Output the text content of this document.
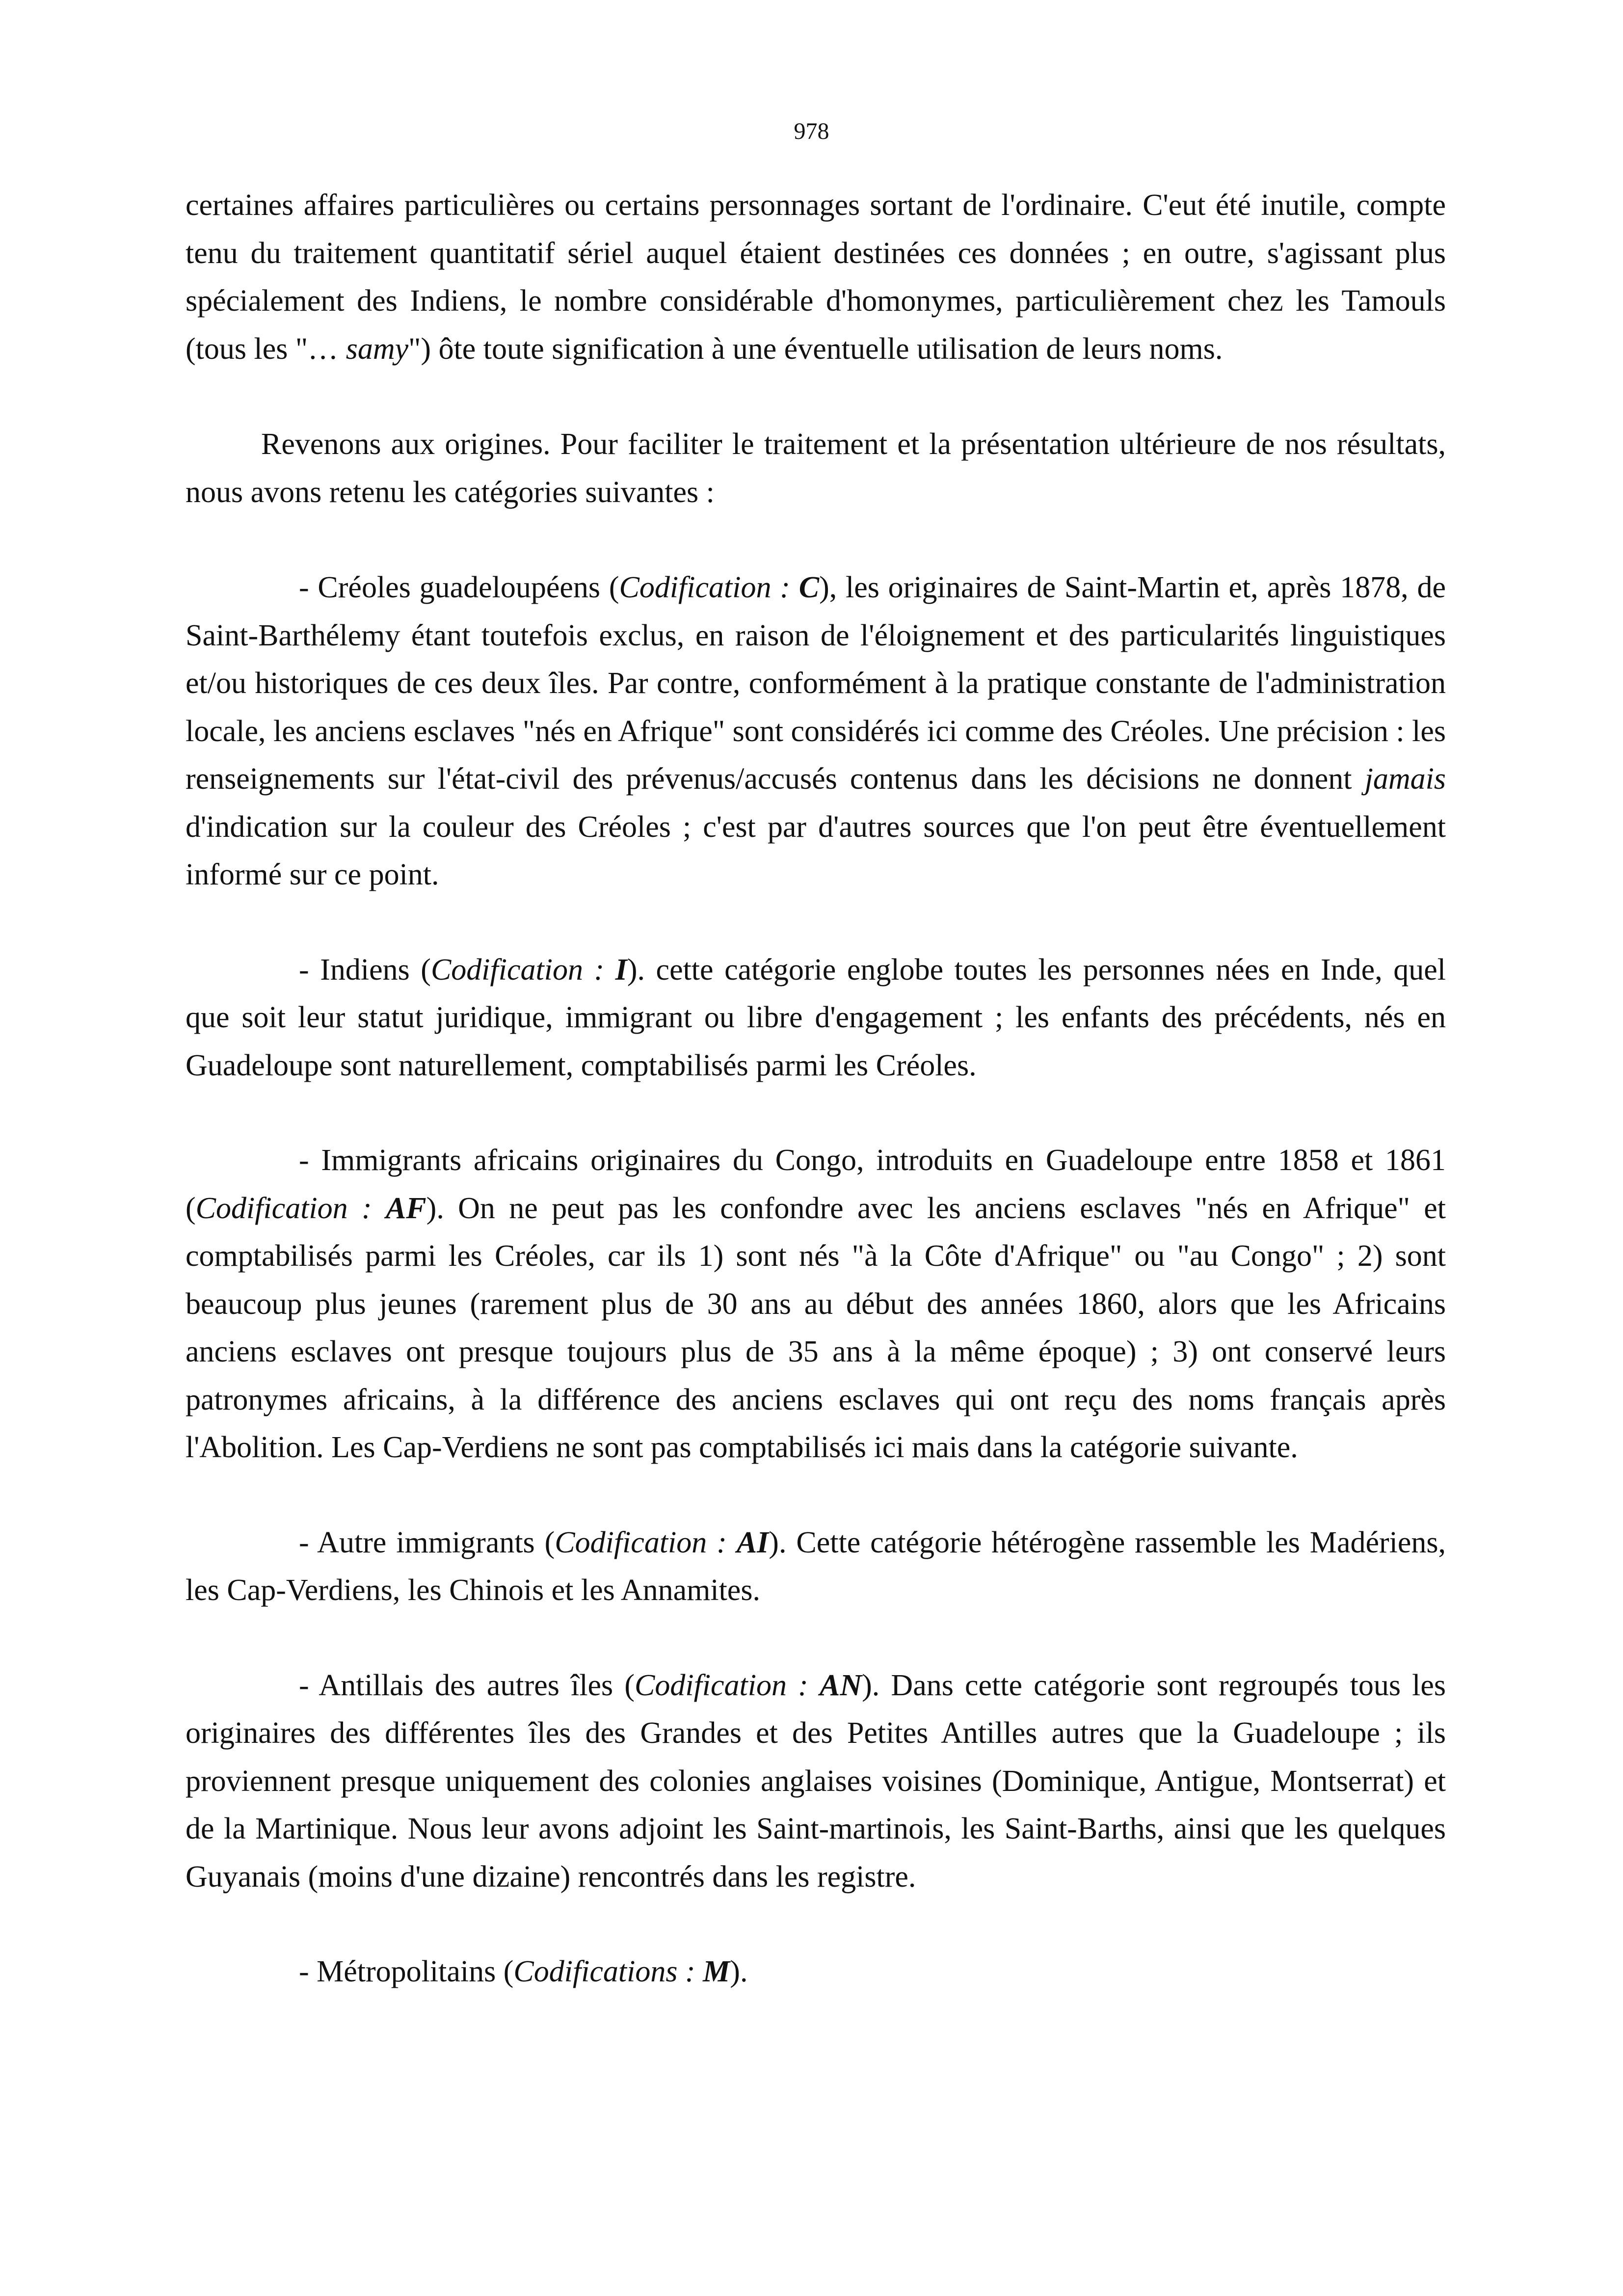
978

certaines affaires particulières ou certains personnages sortant de l'ordinaire. C'eut été inutile, compte tenu du traitement quantitatif sériel auquel étaient destinées ces données ; en outre, s'agissant plus spécialement des Indiens, le nombre considérable d'homonymes, particulièrement chez les Tamouls (tous les "… samy") ôte toute signification à une éventuelle utilisation de leurs noms.

Revenons aux origines. Pour faciliter le traitement et la présentation ultérieure de nos résultats, nous avons retenu les catégories suivantes :

- Créoles guadeloupéens (Codification : C), les originaires de Saint-Martin et, après 1878, de Saint-Barthélemy étant toutefois exclus, en raison de l'éloignement et des particularités linguistiques et/ou historiques de ces deux îles. Par contre, conformément à la pratique constante de l'administration locale, les anciens esclaves "nés en Afrique" sont considérés ici comme des Créoles. Une précision : les renseignements sur l'état-civil des prévenus/accusés contenus dans les décisions ne donnent jamais d'indication sur la couleur des Créoles ; c'est par d'autres sources que l'on peut être éventuellement informé sur ce point.

- Indiens (Codification : I). cette catégorie englobe toutes les personnes nées en Inde, quel que soit leur statut juridique, immigrant ou libre d'engagement ; les enfants des précédents, nés en Guadeloupe sont naturellement, comptabilisés parmi les Créoles.

- Immigrants africains originaires du Congo, introduits en Guadeloupe entre 1858 et 1861 (Codification : AF). On ne peut pas les confondre avec les anciens esclaves "nés en Afrique" et comptabilisés parmi les Créoles, car ils 1) sont nés "à la Côte d'Afrique" ou "au Congo" ; 2) sont beaucoup plus jeunes (rarement plus de 30 ans au début des années 1860, alors que les Africains anciens esclaves ont presque toujours plus de 35 ans à la même époque) ; 3) ont conservé leurs patronymes africains, à la différence des anciens esclaves qui ont reçu des noms français après l'Abolition. Les Cap-Verdiens ne sont pas comptabilisés ici mais dans la catégorie suivante.

- Autre immigrants (Codification : AI). Cette catégorie hétérogène rassemble les Madériens, les Cap-Verdiens, les Chinois et les Annamites.

- Antillais des autres îles (Codification : AN). Dans cette catégorie sont regroupés tous les originaires des différentes îles des Grandes et des Petites Antilles autres que la Guadeloupe ; ils proviennent presque uniquement des colonies anglaises voisines (Dominique, Antigue, Montserrat) et de la Martinique. Nous leur avons adjoint les Saint-martinois, les Saint-Barths, ainsi que les quelques Guyanais (moins d'une dizaine) rencontrés dans les registre.

- Métropolitains (Codifications : M).
